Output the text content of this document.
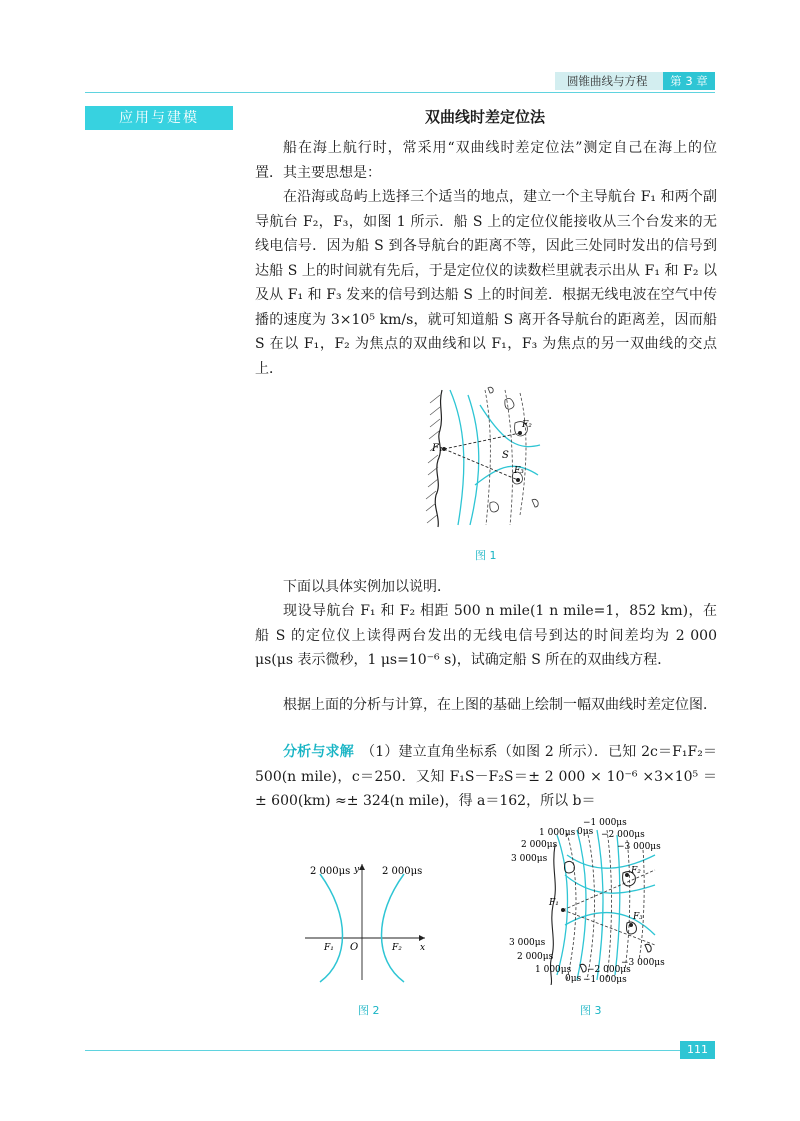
圆锥曲线与方程	第 3 章
应用与建模	双曲线时差定位法

船在海上航行时，常采用“双曲线时差定位法”测定自己在海上的位置．其主要思想是：

在沿海或岛屿上选择三个适当的地点，建立一个主导航台 F₁ 和两个副导航台 F₂，F₃，如图 1 所示．船 S 上的定位仪能接收从三个台发来的无线电信号．因为船 S 到各导航台的距离不等，因此三处同时发出的信号到达船 S 上的时间就有先后，于是定位仪的读数栏里就表示出从 F₁ 和 F₂ 以及从 F₁ 和 F₃ 发来的信号到达船 S 上的时间差．根据无线电波在空气中传播的速度为 3×10⁵ km/s，就可知道船 S 离开各导航台的距离差，因而船 S 在以 F₁，F₂ 为焦点的双曲线和以 F₁，F₃ 为焦点的另一双曲线的交点上．

F₁
F₂
F₃
S
图 1

下面以具体实例加以说明．

现设导航台 F₁ 和 F₂ 相距 500 n mile(1 n mile=1，852 km)，在船 S 的定位仪上读得两台发出的无线电信号到达的时间差均为 2 000 μs(μs 表示微秒，1 μs=10⁻⁶ s)，试确定船 S 所在的双曲线方程．

根据上面的分析与计算，在上图的基础上绘制一幅双曲线时差定位图．

分析与求解　 （1）建立直角坐标系（如图 2 所示）．已知 2c＝F₁F₂＝500(n mile)，c＝250．又知 F₁S－F₂S＝± 2 000 × 10⁻⁶ ×3×10⁵ ＝± 600(km) ≈± 324(n mile)，得 a＝162，所以 b＝

2 000μs	2 000μs
y
x
O
F₁	F₂
图 2
−1 000μs
1 000μs 0μs −2 000μs
2 000μs	−3 000μs
3 000μs
F₁
F₂
F₃
3 000μs
2 000μs
1 000μs −2 000μs
0μs −1 000μs
−3 000μs
图 3
111
